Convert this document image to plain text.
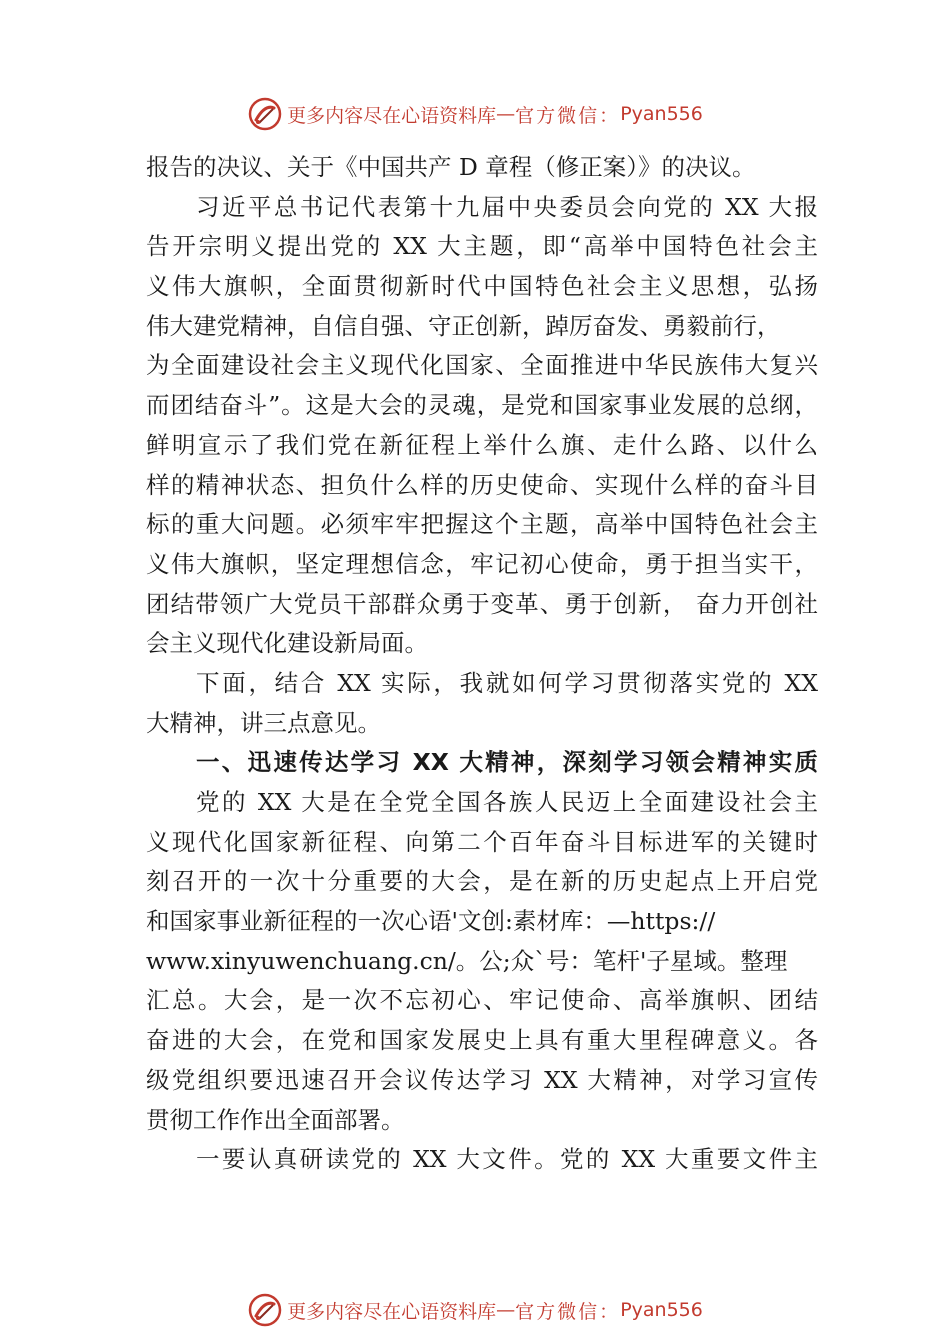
更多内容尽在心语资料库 — 官方微信： Pyan556
报告的决议、关于《中国共产 D 章程（修正案）》的决议。
习近平总书记代表第十九届中央委员会向党的 XX 大报
告开宗明义提出党的 XX 大主题，即“高举中国特色社会主
义伟大旗帜，全面贯彻新时代中国特色社会主义思想，弘扬
伟大建党精神，自信自强、守正创新，踔厉奋发、勇毅前行，
为全面建设社会主义现代化国家、全面推进中华民族伟大复兴
而团结奋斗”。这是大会的灵魂，是党和国家事业发展的总纲，
鲜明宣示了我们党在新征程上举什么旗、走什么路、以什么
样的精神状态、担负什么样的历史使命、实现什么样的奋斗目
标的重大问题。必须牢牢把握这个主题，高举中国特色社会主
义伟大旗帜，坚定理想信念，牢记初心使命，勇于担当实干，
团结带领广大党员干部群众勇于变革、勇于创新， 奋力开创社
会主义现代化建设新局面。
下面，结合 XX 实际，我就如何学习贯彻落实党的 XX
大精神，讲三点意见。
一、迅速传达学习 XX 大精神，深刻学习领会精神实质
党的 XX 大是在全党全国各族人民迈上全面建设社会主
义现代化国家新征程、向第二个百年奋斗目标进军的关键时
刻召开的一次十分重要的大会，是在新的历史起点上开启党
和国家事业新征程的一次心语'文创:素材库：—https://
www.xinyuwenchuang.cn/。公;众`号：笔杆'子星域。整理
汇总。大会，是一次不忘初心、牢记使命、高举旗帜、团结
奋进的大会，在党和国家发展史上具有重大里程碑意义。各
级党组织要迅速召开会议传达学习 XX 大精神，对学习宣传
贯彻工作作出全面部署。
一要认真研读党的 XX 大文件。党的 XX 大重要文件主
更多内容尽在心语资料库 — 官方微信： Pyan556
